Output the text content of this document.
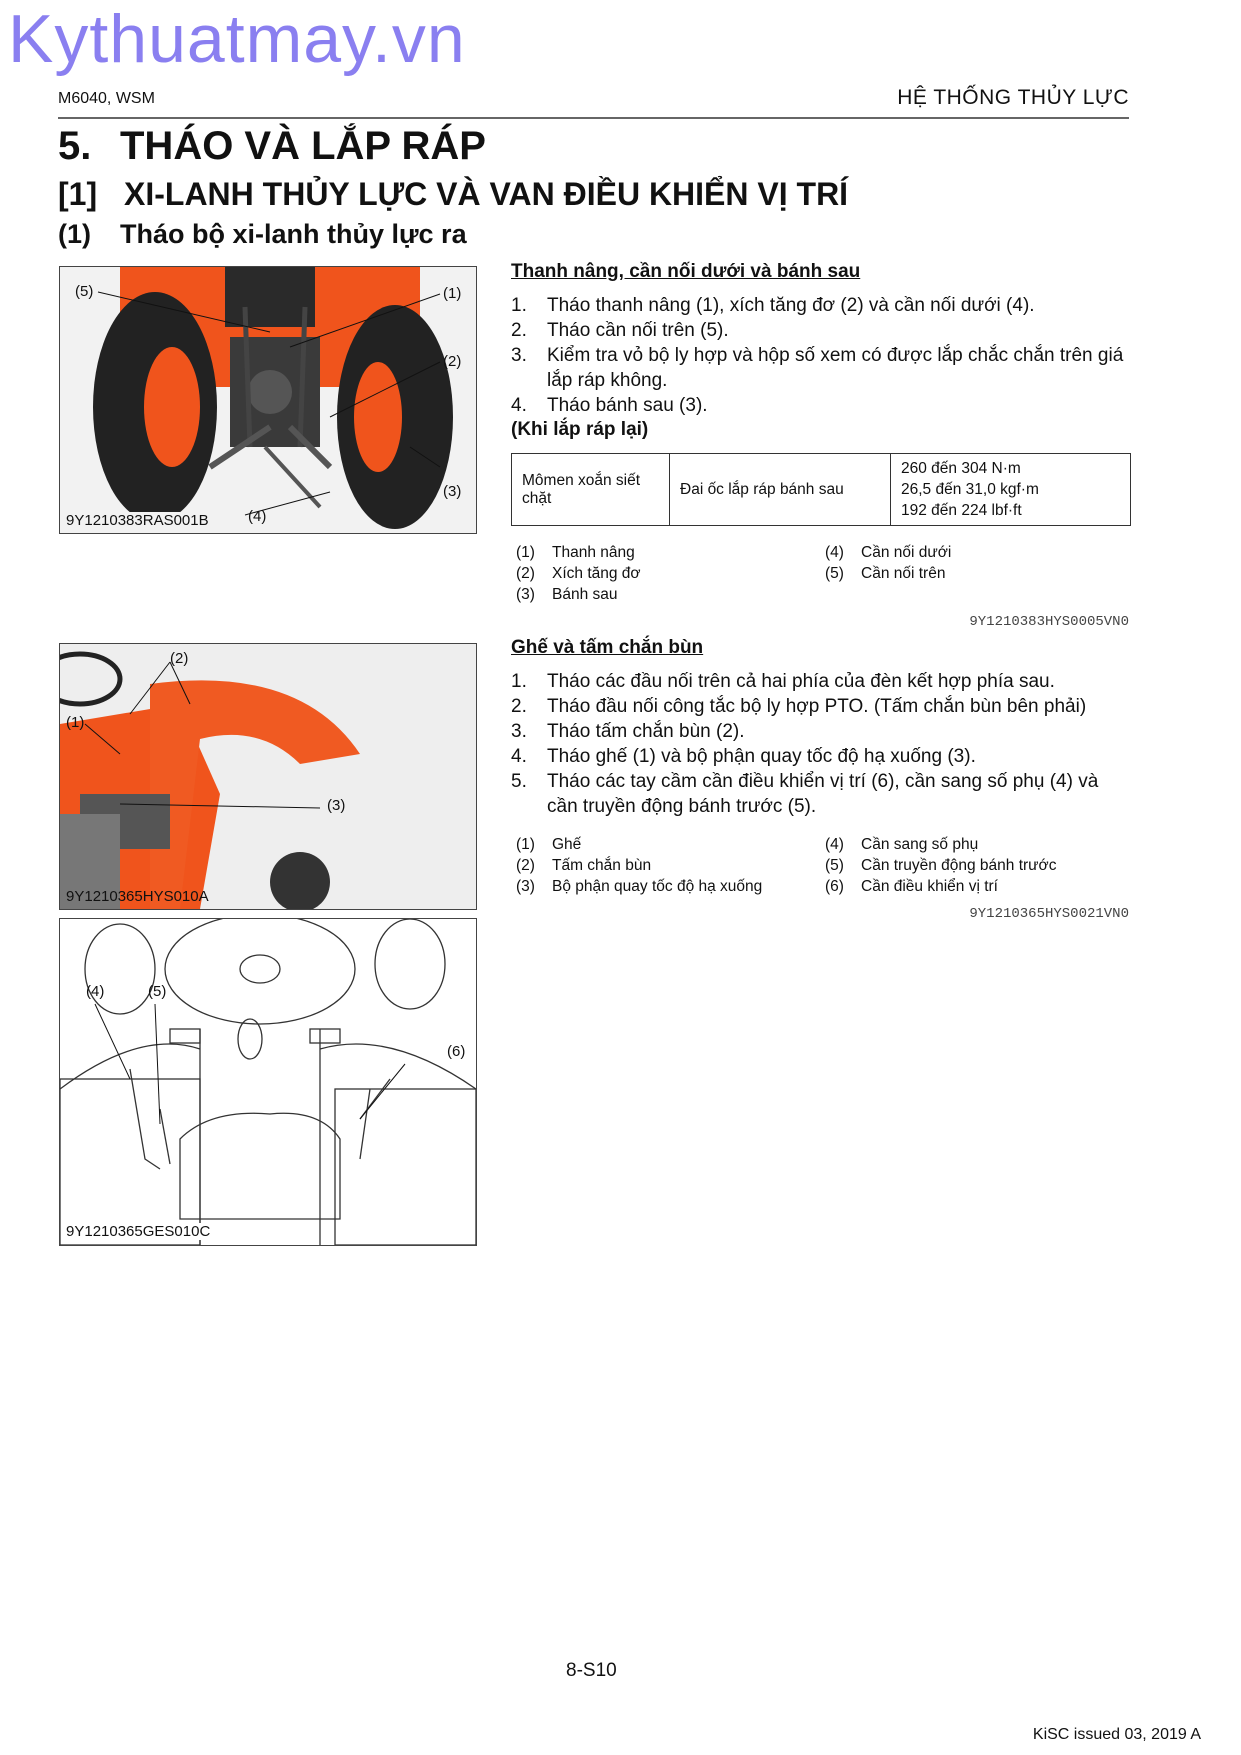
Kythuatmay.vn
M6040, WSM	HỆ THỐNG THỦY LỰC
5. THÁO VÀ LẮP RÁP
[1] XI-LANH THỦY LỰC VÀ VAN ĐIỀU KHIỂN VỊ TRÍ
(1) Tháo bộ xi-lanh thủy lực ra
(5)	(1)
(2)
(3)
(4)
9Y1210383RAS001B
(2)
(1)
(3)
9Y1210365HYS010A
(4)	(5)
(6)
9Y1210365GES010C
Thanh nâng, cần nối dưới và bánh sau
1. Tháo thanh nâng (1), xích tăng đơ (2) và cần nối dưới (4).
2. Tháo cần nối trên (5).
3. Kiểm tra vỏ bộ ly hợp và hộp số xem có được lắp chắc chắn trên giá lắp ráp không.
4. Tháo bánh sau (3).
(Khi lắp ráp lại)
Mômen xoắn siết chặt	Đai ốc lắp ráp bánh sau	
260 đến 304 N·m
26,5 đến 31,0 kgf·m
192 đến 224 lbf·ft
(1) Thanh nâng
(2) Xích tăng đơ
(3) Bánh sau
(4) Cần nối dưới
(5) Cần nối trên
9Y1210383HYS0005VN0
Ghế và tấm chắn bùn
1. Tháo các đầu nối trên cả hai phía của đèn kết hợp phía sau.
2. Tháo đầu nối công tắc bộ ly hợp PTO. (Tấm chắn bùn bên phải)
3. Tháo tấm chắn bùn (2).
4. Tháo ghế (1) và bộ phận quay tốc độ hạ xuống (3).
5. Tháo các tay cầm cần điều khiển vị trí (6), cần sang số phụ (4) và cần truyền động bánh trước (5).
(1) Ghế
(2) Tấm chắn bùn
(3) Bộ phận quay tốc độ hạ xuống
(4) Cần sang số phụ
(5) Cần truyền động bánh trước
(6) Cần điều khiển vị trí
9Y1210365HYS0021VN0
8-S10
KiSC issued 03, 2019 A
